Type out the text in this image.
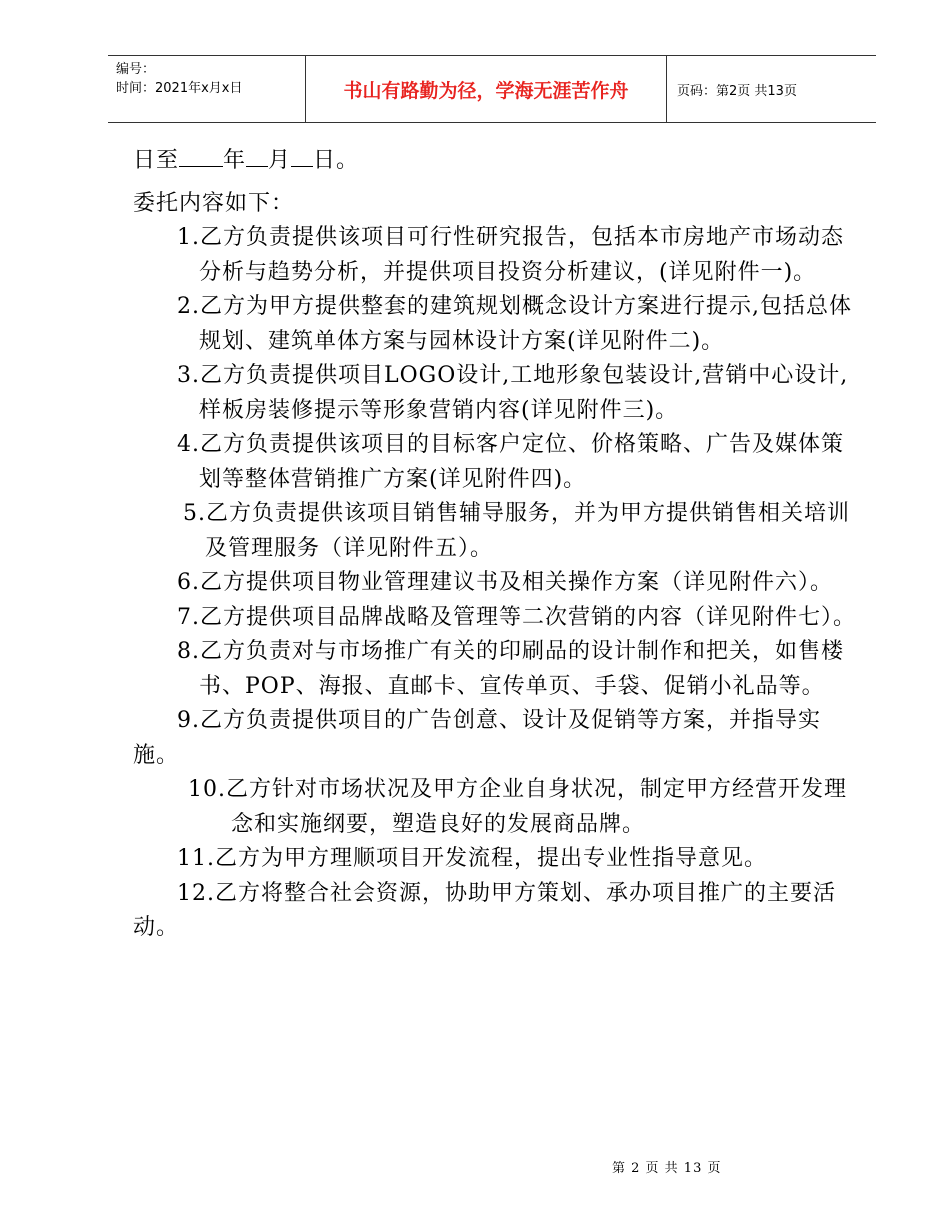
编号：
时间：2021年x月x日	书山有路勤为径，学海无涯苦作舟	页码：第2页 共13页

日至 年 月 日。

委托内容如下：

1.乙方负责提供该项目可行性研究报告，包括本市房地产市场动态分析与趋势分析，并提供项目投资分析建议，(详见附件一)。

2.乙方为甲方提供整套的建筑规划概念设计方案进行提示,包括总体规划、建筑单体方案与园林设计方案(详见附件二)。

3.乙方负责提供项目LOGO设计,工地形象包装设计,营销中心设计,样板房装修提示等形象营销内容(详见附件三)。

4.乙方负责提供该项目的目标客户定位、价格策略、广告及媒体策划等整体营销推广方案(详见附件四)。

5.乙方负责提供该项目销售辅导服务，并为甲方提供销售相关培训及管理服务（详见附件五）。

6.乙方提供项目物业管理建议书及相关操作方案（详见附件六）。

7.乙方提供项目品牌战略及管理等二次营销的内容（详见附件七）。

8.乙方负责对与市场推广有关的印刷品的设计制作和把关，如售楼书、POP、海报、直邮卡、宣传单页、手袋、促销小礼品等。

9.乙方负责提供项目的广告创意、设计及促销等方案，并指导实施。

10.乙方针对市场状况及甲方企业自身状况，制定甲方经营开发理

念和实施纲要，塑造良好的发展商品牌。

11.乙方为甲方理顺项目开发流程，提出专业性指导意见。

12.乙方将整合社会资源，协助甲方策划、承办项目推广的主要活动。

第 2 页 共 13 页
